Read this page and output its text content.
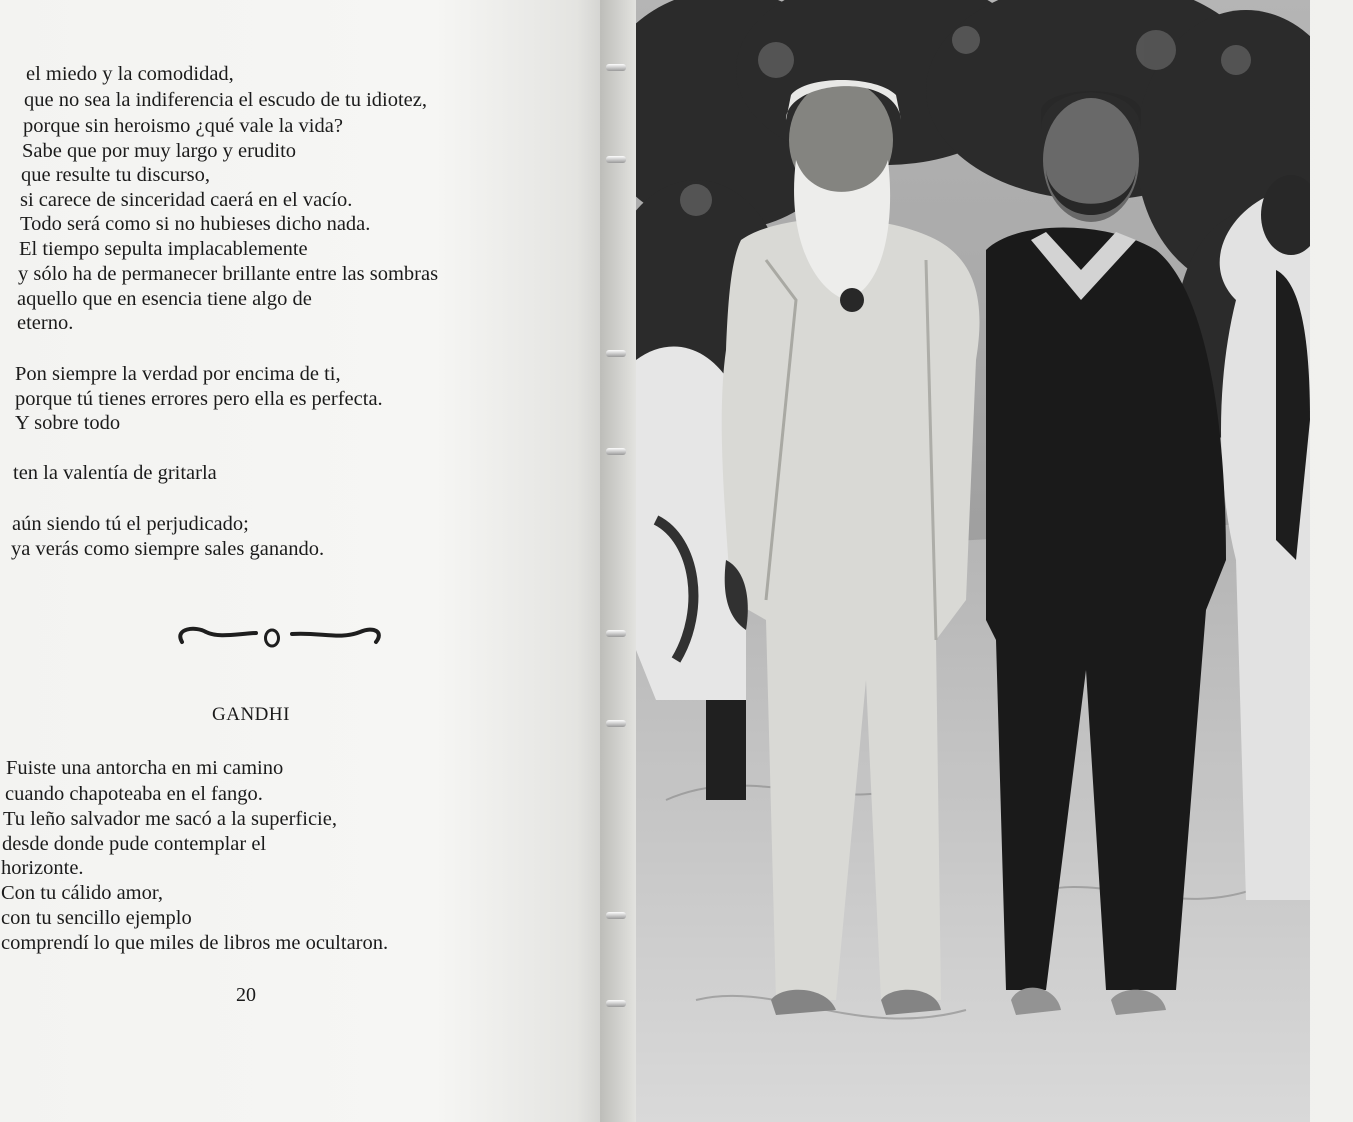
el miedo y la comodidad,
que no sea la indiferencia el escudo de tu idiotez,
porque sin heroismo ¿qué vale la vida?
Sabe que por muy largo y erudito
que resulte tu discurso,
si carece de sinceridad caerá en el vacío.
Todo será como si no hubieses dicho nada.
El tiempo sepulta implacablemente
y sólo ha de permanecer brillante entre las sombras
aquello que en esencia tiene algo de
eterno.
Pon siempre la verdad por encima de ti,
porque tú tienes errores pero ella es perfecta.
Y sobre todo
ten la valentía de gritarla
aún siendo tú el perjudicado;
ya verás como siempre sales ganando.
GANDHI
Fuiste una antorcha en mi camino
cuando chapoteaba en el fango.
Tu leño salvador me sacó a la superficie,
desde donde pude contemplar el
horizonte.
Con tu cálido amor,
con tu sencillo ejemplo
comprendí lo que miles de libros me ocultaron.
20
